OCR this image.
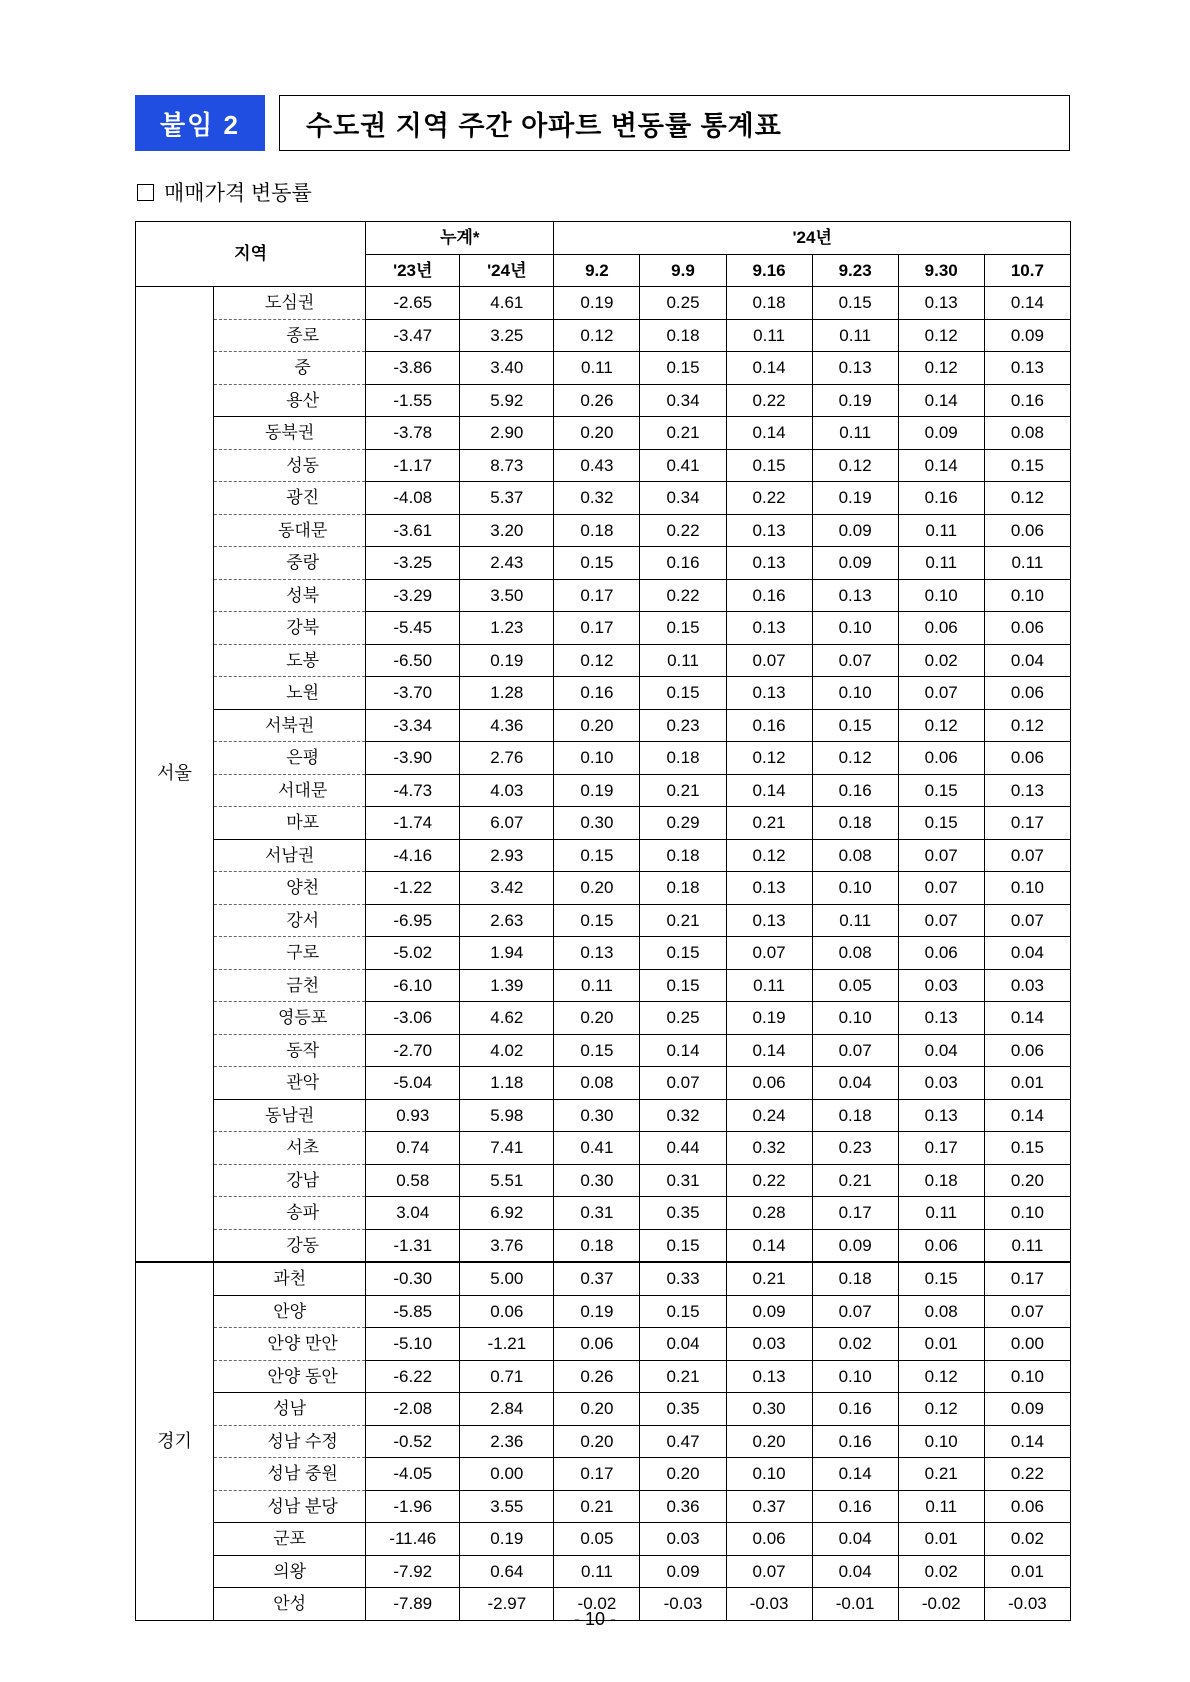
붙임 2	수도권 지역 주간 아파트 변동률 통계표
매매가격 변동률
지역		누계*		'24년					
		'23년	'24년	9.2	9.9	9.16	9.23	9.30	10.7
서울	도심권	-2.65	4.61	0.19	0.25	0.18	0.15	0.13	0.14

	종로	-3.47	3.25	0.12	0.18	0.11	0.11	0.12	0.09

	중	-3.86	3.40	0.11	0.15	0.14	0.13	0.12	0.13

	용산	-1.55	5.92	0.26	0.34	0.22	0.19	0.14	0.16

	동북권	-3.78	2.90	0.20	0.21	0.14	0.11	0.09	0.08

	성동	-1.17	8.73	0.43	0.41	0.15	0.12	0.14	0.15

	광진	-4.08	5.37	0.32	0.34	0.22	0.19	0.16	0.12

	동대문	-3.61	3.20	0.18	0.22	0.13	0.09	0.11	0.06

	중랑	-3.25	2.43	0.15	0.16	0.13	0.09	0.11	0.11

	성북	-3.29	3.50	0.17	0.22	0.16	0.13	0.10	0.10

	강북	-5.45	1.23	0.17	0.15	0.13	0.10	0.06	0.06

	도봉	-6.50	0.19	0.12	0.11	0.07	0.07	0.02	0.04

	노원	-3.70	1.28	0.16	0.15	0.13	0.10	0.07	0.06

	서북권	-3.34	4.36	0.20	0.23	0.16	0.15	0.12	0.12

	은평	-3.90	2.76	0.10	0.18	0.12	0.12	0.06	0.06

	서대문	-4.73	4.03	0.19	0.21	0.14	0.16	0.15	0.13

	마포	-1.74	6.07	0.30	0.29	0.21	0.18	0.15	0.17

	서남권	-4.16	2.93	0.15	0.18	0.12	0.08	0.07	0.07

	양천	-1.22	3.42	0.20	0.18	0.13	0.10	0.07	0.10

	강서	-6.95	2.63	0.15	0.21	0.13	0.11	0.07	0.07

	구로	-5.02	1.94	0.13	0.15	0.07	0.08	0.06	0.04

	금천	-6.10	1.39	0.11	0.15	0.11	0.05	0.03	0.03

	영등포	-3.06	4.62	0.20	0.25	0.19	0.10	0.13	0.14

	동작	-2.70	4.02	0.15	0.14	0.14	0.07	0.04	0.06

	관악	-5.04	1.18	0.08	0.07	0.06	0.04	0.03	0.01

	동남권	0.93	5.98	0.30	0.32	0.24	0.18	0.13	0.14

	서초	0.74	7.41	0.41	0.44	0.32	0.23	0.17	0.15

	강남	0.58	5.51	0.30	0.31	0.22	0.21	0.18	0.20

	송파	3.04	6.92	0.31	0.35	0.28	0.17	0.11	0.10

	강동	-1.31	3.76	0.18	0.15	0.14	0.09	0.06	0.11
경기	과천	-0.30	5.00	0.37	0.33	0.21	0.18	0.15	0.17

	안양	-5.85	0.06	0.19	0.15	0.09	0.07	0.08	0.07

	안양 만안	-5.10	-1.21	0.06	0.04	0.03	0.02	0.01	0.00

	안양 동안	-6.22	0.71	0.26	0.21	0.13	0.10	0.12	0.10

	성남	-2.08	2.84	0.20	0.35	0.30	0.16	0.12	0.09

	성남 수정	-0.52	2.36	0.20	0.47	0.20	0.16	0.10	0.14

	성남 중원	-4.05	0.00	0.17	0.20	0.10	0.14	0.21	0.22

	성남 분당	-1.96	3.55	0.21	0.36	0.37	0.16	0.11	0.06

	군포	-11.46	0.19	0.05	0.03	0.06	0.04	0.01	0.02

	의왕	-7.92	0.64	0.11	0.09	0.07	0.04	0.02	0.01

	안성	-7.89	-2.97	-0.02	-0.03	-0.03	-0.01	-0.02	-0.03
- 10 -
